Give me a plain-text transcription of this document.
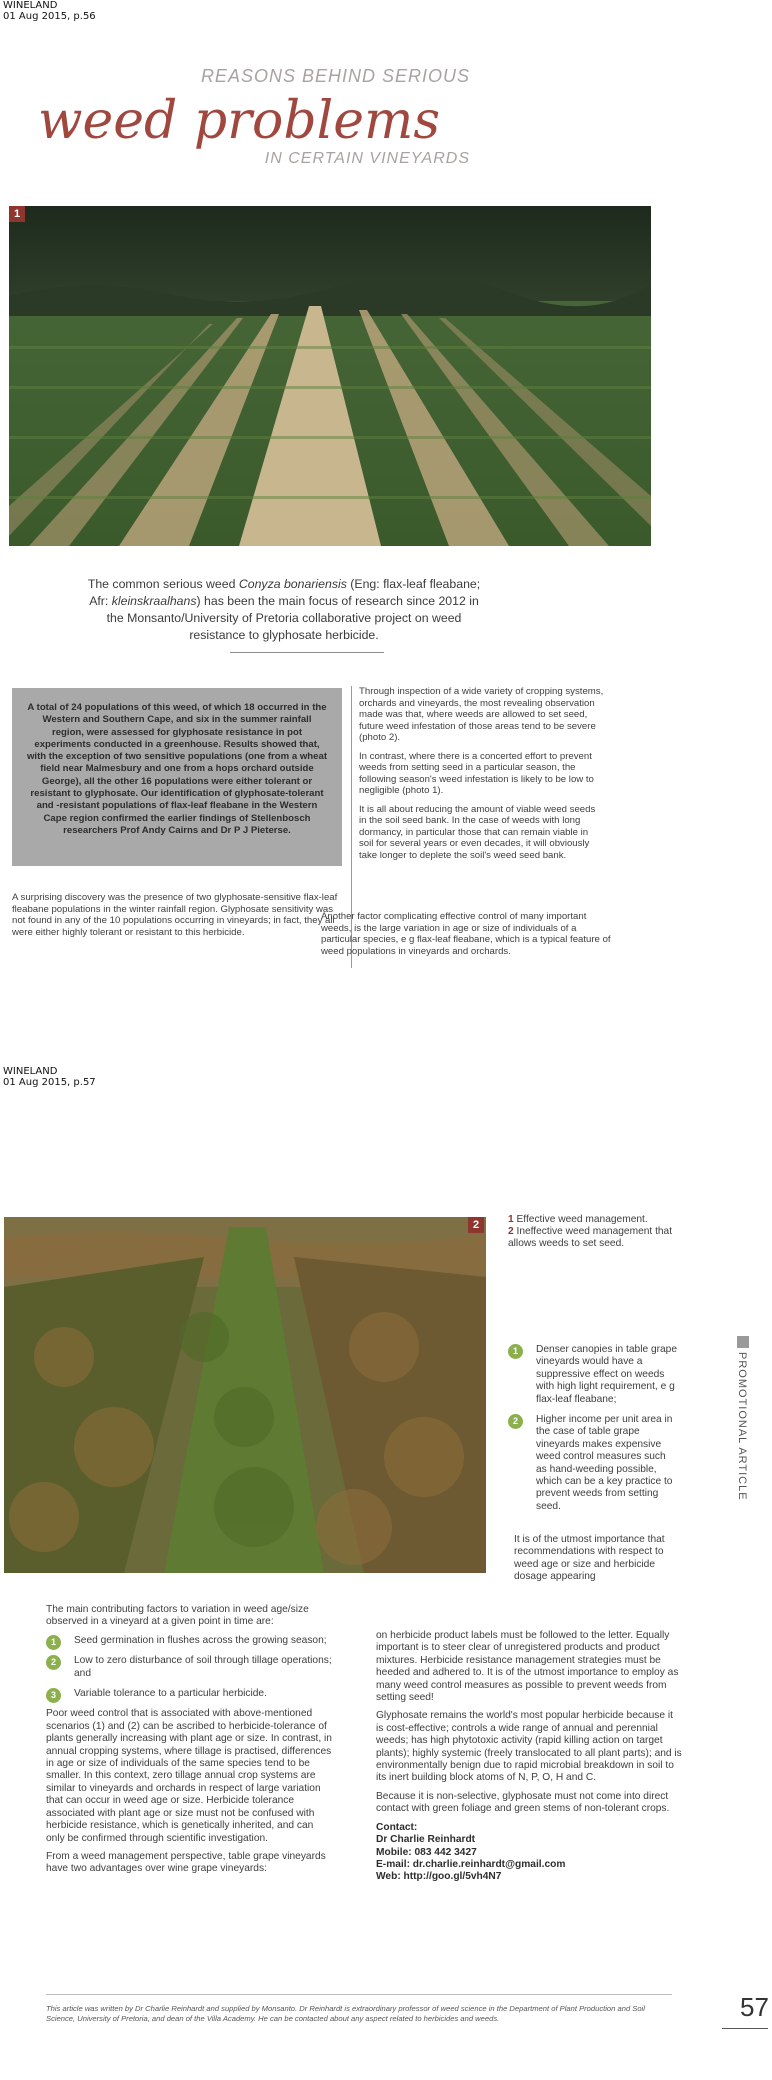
WINELAND
01 Aug 2015, p.56
REASONS BEHIND SERIOUS
weed problems
IN CERTAIN VINEYARDS
1
The common serious weed Conyza bonariensis (Eng: flax-leaf fleabane;
Afr: kleinskraalhans) has been the main focus of research since 2012 in the Monsanto/University of Pretoria collaborative project on weed resistance to glyphosate herbicide.

A total of 24 populations of this weed, of which 18 occurred in the Western and Southern Cape, and six in the summer rainfall region, were assessed for glyphosate resistance in pot experiments conducted in a greenhouse. Results showed that, with the exception of two sensitive populations (one from a wheat field near Malmesbury and one from a hops orchard outside George), all the other 16 populations were either tolerant or resistant to glyphosate. Our identification of glyphosate-tolerant and -resistant populations of flax-leaf fleabane in the Western Cape region confirmed the earlier findings of Stellenbosch researchers Prof Andy Cairns and Dr P J Pieterse.

A surprising discovery was the presence of two glyphosate-sensitive flax-leaf fleabane populations in the winter rainfall region. Glyphosate sensitivity was not found in any of the 10 populations occurring in vineyards; in fact, they all were either highly tolerant or resistant to this herbicide.

Through inspection of a wide variety of cropping systems, orchards and vineyards, the most revealing observation made was that, where weeds are allowed to set seed, future weed infestation of those areas tend to be severe (photo 2).

In contrast, where there is a concerted effort to prevent weeds from setting seed in a particular season, the following season's weed infestation is likely to be low to negligible (photo 1).

It is all about reducing the amount of viable weed seeds in the soil seed bank. In the case of weeds with long dormancy, in particular those that can remain viable in soil for several years or even decades, it will obviously take longer to deplete the soil's weed seed bank.

Another factor complicating effective control of many important weeds, is the large variation in age or size of individuals of a particular species, e g flax-leaf fleabane, which is a typical feature of weed populations in vineyards and orchards.

WINELAND
01 Aug 2015, p.57
2	1 Effective weed management.
2 Ineffective weed management that allows weeds to set seed.
1	Denser canopies in table grape vineyards would have a suppressive effect on weeds with high light requirement, e g flax-leaf fleabane;
2	Higher income per unit area in the case of table grape vineyards makes expensive weed control measures such as hand-weeding possible, which can be a key practice to prevent weeds from setting seed.
PROMOTIONAL ARTICLE

It is of the utmost importance that recommendations with respect to weed age or size and herbicide dosage appearing

The main contributing factors to variation in weed age/size observed in a vineyard at a given point in time are:

1	Seed germination in flushes across the growing season;
2	Low to zero disturbance of soil through tillage operations; and
3	Variable tolerance to a particular herbicide.

Poor weed control that is associated with above-mentioned scenarios (1) and (2) can be ascribed to herbicide-tolerance of plants generally increasing with plant age or size. In contrast, in annual cropping systems, where tillage is practised, differences in age or size of individuals of the same species tend to be smaller. In this context, zero tillage annual crop systems are similar to vineyards and orchards in respect of large variation that can occur in weed age or size. Herbicide tolerance associated with plant age or size must not be confused with herbicide resistance, which is genetically inherited, and can only be confirmed through scientific investigation.

From a weed management perspective, table grape vineyards have two advantages over wine grape vineyards:

on herbicide product labels must be followed to the letter. Equally important is to steer clear of unregistered products and product mixtures. Herbicide resistance management strategies must be heeded and adhered to. It is of the utmost importance to employ as many weed control measures as possible to prevent weeds from setting seed!

Glyphosate remains the world's most popular herbicide because it is cost-effective; controls a wide range of annual and perennial weeds; has high phytotoxic activity (rapid killing action on target plants); highly systemic (freely translocated to all plant parts); and is environmentally benign due to rapid microbial breakdown in soil to its inert building block atoms of N, P, O, H and C.

Because it is non-selective, glyphosate must not come into direct contact with green foliage and green stems of non-tolerant crops.

Contact:
Dr Charlie Reinhardt
Mobile: 083 442 3427
E-mail: dr.charlie.reinhardt@gmail.com
Web: http://goo.gl/5vh4N7
This article was written by Dr Charlie Reinhardt and supplied by Monsanto. Dr Reinhardt is extraordinary professor of weed science in the Department of Plant Production and Soil Science, University of Pretoria, and dean of the Villa Academy. He can be contacted about any aspect related to herbicides and weeds.	57
